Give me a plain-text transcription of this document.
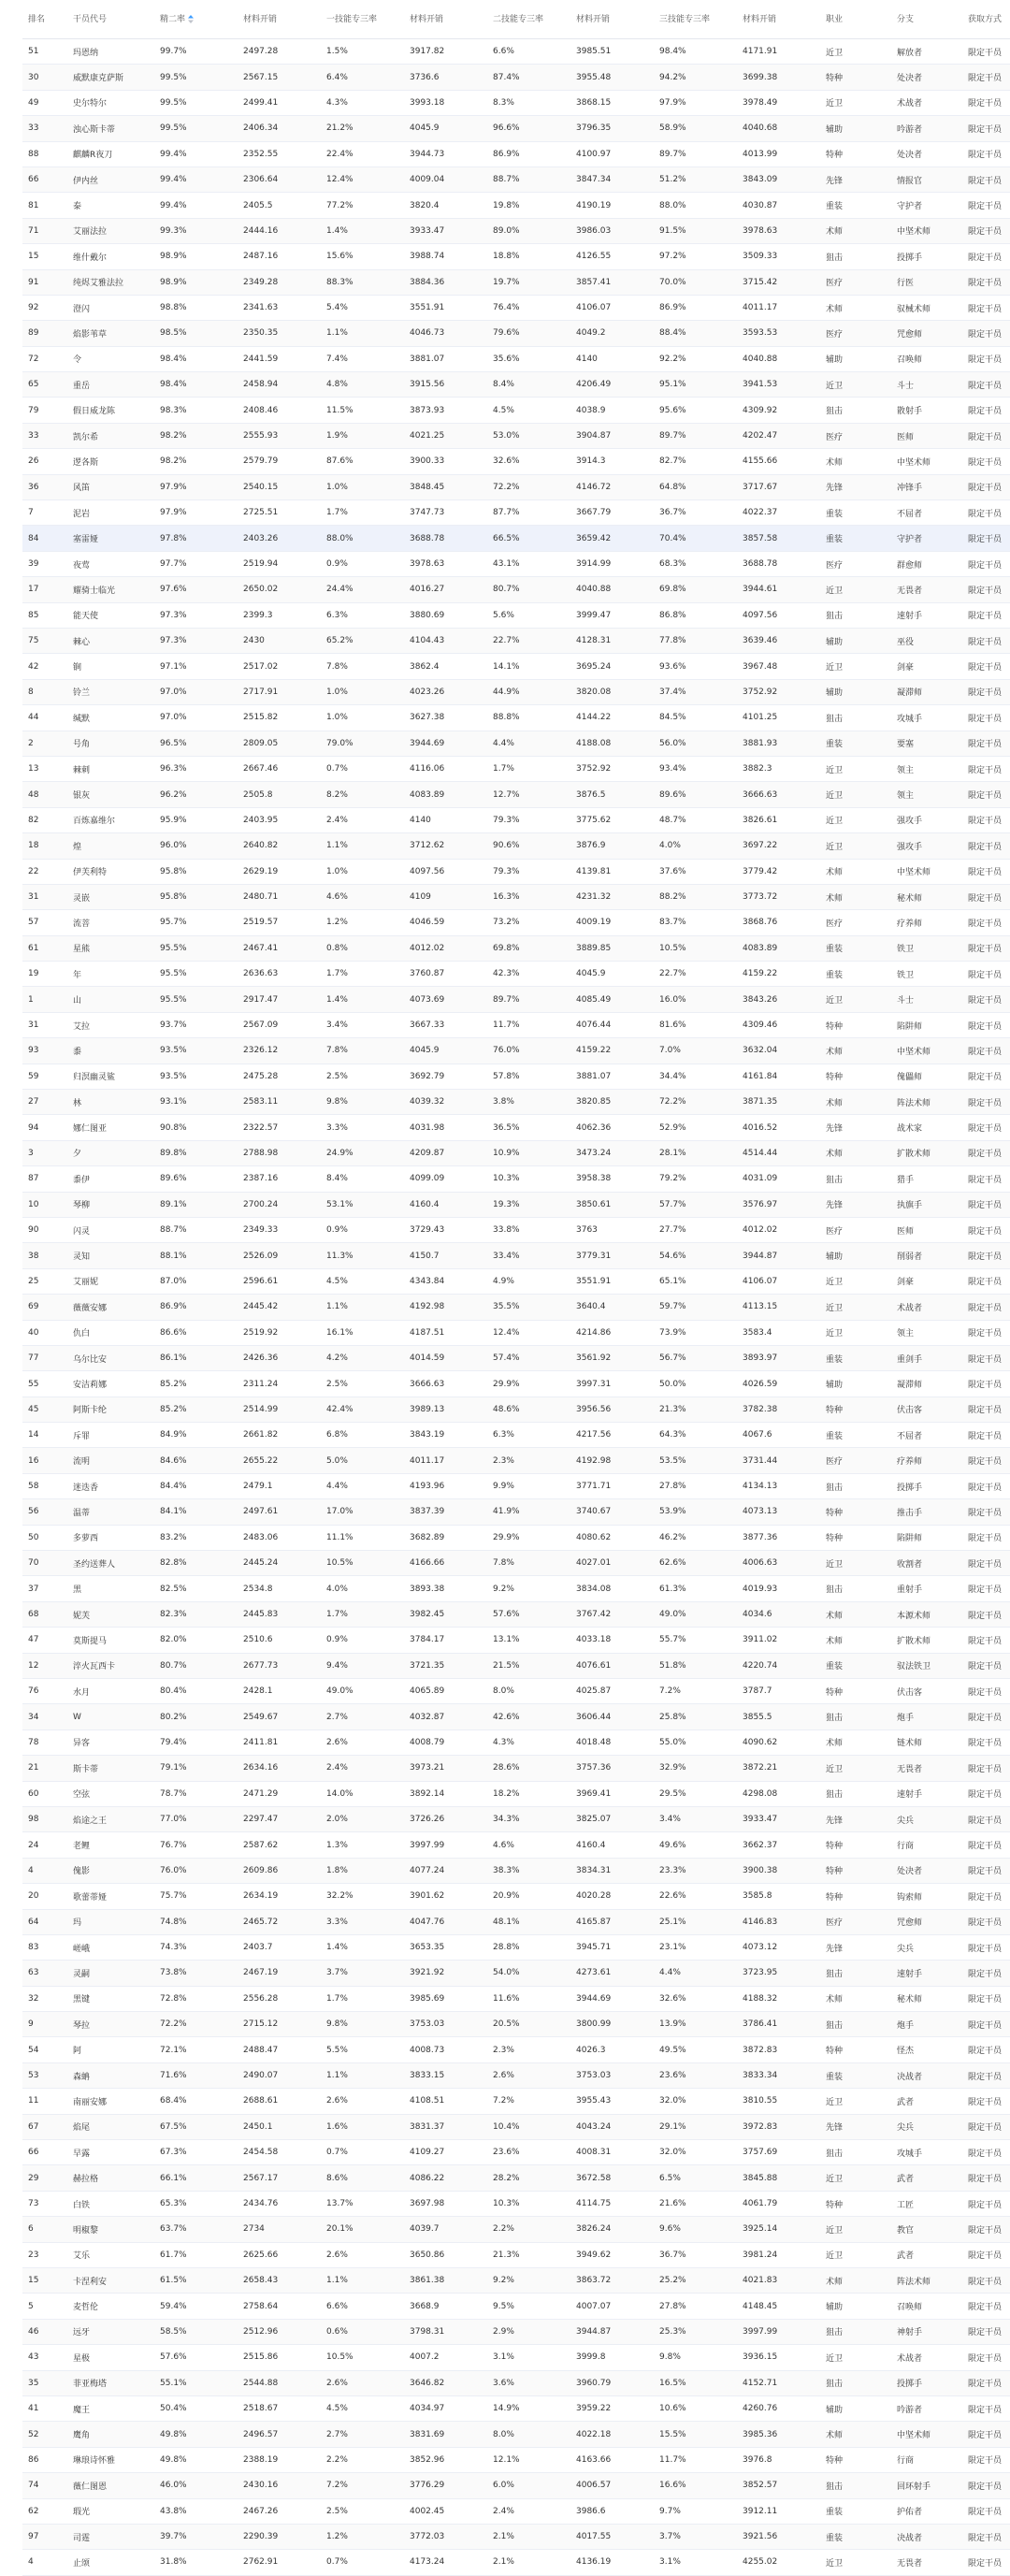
排名	干员代号	精二率	材料开销	一技能专三率	材料开销	二技能专三率	材料开销	三技能专三率	材料开销	职业	分支	获取方式
51	玛恩纳	99.7%	2497.28	1.5%	3917.82	6.6%	3985.51	98.4%	4171.91	近卫	解放者	限定干员
30	威默康克萨斯	99.5%	2567.15	6.4%	3736.6	87.4%	3955.48	94.2%	3699.38	特种	处决者	限定干员
49	史尔特尔	99.5%	2499.41	4.3%	3993.18	8.3%	3868.15	97.9%	3978.49	近卫	术战者	限定干员
33	浊心斯卡蒂	99.5%	2406.34	21.2%	4045.9	96.6%	3796.35	58.9%	4040.68	辅助	吟游者	限定干员
88	麒麟R夜刀	99.4%	2352.55	22.4%	3944.73	86.9%	4100.97	89.7%	4013.99	特种	处决者	限定干员
66	伊内丝	99.4%	2306.64	12.4%	4009.04	88.7%	3847.34	51.2%	3843.09	先锋	情报官	限定干员
81	泰	99.4%	2405.5	77.2%	3820.4	19.8%	4190.19	88.0%	4030.87	重装	守护者	限定干员
71	艾丽法拉	99.3%	2444.16	1.4%	3933.47	89.0%	3986.03	91.5%	3978.63	术师	中坚术师	限定干员
15	维什戴尔	98.9%	2487.16	15.6%	3988.74	18.8%	4126.55	97.2%	3509.33	狙击	投掷手	限定干员
91	纯烬艾雅法拉	98.9%	2349.28	88.3%	3884.36	19.7%	3857.41	70.0%	3715.42	医疗	行医	限定干员
92	澄闪	98.8%	2341.63	5.4%	3551.91	76.4%	4106.07	86.9%	4011.17	术师	驭械术师	限定干员
89	焰影苇草	98.5%	2350.35	1.1%	4046.73	79.6%	4049.2	88.4%	3593.53	医疗	咒愈师	限定干员
72	令	98.4%	2441.59	7.4%	3881.07	35.6%	4140	92.2%	4040.88	辅助	召唤师	限定干员
65	重岳	98.4%	2458.94	4.8%	3915.56	8.4%	4206.49	95.1%	3941.53	近卫	斗士	限定干员
79	假日威龙陈	98.3%	2408.46	11.5%	3873.93	4.5%	4038.9	95.6%	4309.92	狙击	散射手	限定干员
33	凯尔希	98.2%	2555.93	1.9%	4021.25	53.0%	3904.87	89.7%	4202.47	医疗	医师	限定干员
26	逻各斯	98.2%	2579.79	87.6%	3900.33	32.6%	3914.3	82.7%	4155.66	术师	中坚术师	限定干员
36	风笛	97.9%	2540.15	1.0%	3848.45	72.2%	4146.72	64.8%	3717.67	先锋	冲锋手	限定干员
7	泥岩	97.9%	2725.51	1.7%	3747.73	87.7%	3667.79	36.7%	4022.37	重装	不屈者	限定干员
84	塞雷娅	97.8%	2403.26	88.0%	3688.78	66.5%	3659.42	70.4%	3857.58	重装	守护者	限定干员
39	夜莺	97.7%	2519.94	0.9%	3978.63	43.1%	3914.99	68.3%	3688.78	医疗	群愈师	限定干员
17	耀骑士临光	97.6%	2650.02	24.4%	4016.27	80.7%	4040.88	69.8%	3944.61	近卫	无畏者	限定干员
85	能天使	97.3%	2399.3	6.3%	3880.69	5.6%	3999.47	86.8%	4097.56	狙击	速射手	限定干员
75	棘心	97.3%	2430	65.2%	4104.43	22.7%	4128.31	77.8%	3639.46	辅助	巫役	限定干员
42	锏	97.1%	2517.02	7.8%	3862.4	14.1%	3695.24	93.6%	3967.48	近卫	剑豪	限定干员
8	铃兰	97.0%	2717.91	1.0%	4023.26	44.9%	3820.08	37.4%	3752.92	辅助	凝滞师	限定干员
44	缄默	97.0%	2515.82	1.0%	3627.38	88.8%	4144.22	84.5%	4101.25	狙击	攻城手	限定干员
2	号角	96.5%	2809.05	79.0%	3944.69	4.4%	4188.08	56.0%	3881.93	重装	要塞	限定干员
13	棘刺	96.3%	2667.46	0.7%	4116.06	1.7%	3752.92	93.4%	3882.3	近卫	领主	限定干员
48	银灰	96.2%	2505.8	8.2%	4083.89	12.7%	3876.5	89.6%	3666.63	近卫	领主	限定干员
82	百炼嘉维尔	95.9%	2403.95	2.4%	4140	79.3%	3775.62	48.7%	3826.61	近卫	强攻手	限定干员
18	煌	96.0%	2640.82	1.1%	3712.62	90.6%	3876.9	4.0%	3697.22	近卫	强攻手	限定干员
22	伊芙利特	95.8%	2629.19	1.0%	4097.56	79.3%	4139.81	37.6%	3779.42	术师	中坚术师	限定干员
31	灵嵌	95.8%	2480.71	4.6%	4109	16.3%	4231.32	88.2%	3773.72	术师	秘术师	限定干员
57	流菩	95.7%	2519.57	1.2%	4046.59	73.2%	4009.19	83.7%	3868.76	医疗	疗养师	限定干员
61	星熊	95.5%	2467.41	0.8%	4012.02	69.8%	3889.85	10.5%	4083.89	重装	铁卫	限定干员
19	年	95.5%	2636.63	1.7%	3760.87	42.3%	4045.9	22.7%	4159.22	重装	铁卫	限定干员
1	山	95.5%	2917.47	1.4%	4073.69	89.7%	4085.49	16.0%	3843.26	近卫	斗士	限定干员
31	艾拉	93.7%	2567.09	3.4%	3667.33	11.7%	4076.44	81.6%	4309.46	特种	陷阱师	限定干员
93	黍	93.5%	2326.12	7.8%	4045.9	76.0%	4159.22	7.0%	3632.04	术师	中坚术师	限定干员
59	归溟幽灵鲨	93.5%	2475.28	2.5%	3692.79	57.8%	3881.07	34.4%	4161.84	特种	傀儡师	限定干员
27	林	93.1%	2583.11	9.8%	4039.32	3.8%	3820.85	72.2%	3871.35	术师	阵法术师	限定干员
94	娜仁图亚	90.8%	2322.57	3.3%	4031.98	36.5%	4062.36	52.9%	4016.52	先锋	战术家	限定干员
3	夕	89.8%	2788.98	24.9%	4209.87	10.9%	3473.24	28.1%	4514.44	术师	扩散术师	限定干员
87	黍伊	89.6%	2387.16	8.4%	4099.09	10.3%	3958.38	79.2%	4031.09	狙击	猎手	限定干员
10	琴柳	89.1%	2700.24	53.1%	4160.4	19.3%	3850.61	57.7%	3576.97	先锋	执旗手	限定干员
90	闪灵	88.7%	2349.33	0.9%	3729.43	33.8%	3763	27.7%	4012.02	医疗	医师	限定干员
38	灵知	88.1%	2526.09	11.3%	4150.7	33.4%	3779.31	54.6%	3944.87	辅助	削弱者	限定干员
25	艾丽妮	87.0%	2596.61	4.5%	4343.84	4.9%	3551.91	65.1%	4106.07	近卫	剑豪	限定干员
69	薇薇安娜	86.9%	2445.42	1.1%	4192.98	35.5%	3640.4	59.7%	4113.15	近卫	术战者	限定干员
40	仇白	86.6%	2519.92	16.1%	4187.51	12.4%	4214.86	73.9%	3583.4	近卫	领主	限定干员
77	乌尔比安	86.1%	2426.36	4.2%	4014.59	57.4%	3561.92	56.7%	3893.97	重装	重剑手	限定干员
55	安洁莉娜	85.2%	2311.24	2.5%	3666.63	29.9%	3997.31	50.0%	4026.59	辅助	凝滞师	限定干员
45	阿斯卡纶	85.2%	2514.99	42.4%	3989.13	48.6%	3956.56	21.3%	3782.38	特种	伏击客	限定干员
14	斥罪	84.9%	2661.82	6.8%	3843.19	6.3%	4217.56	64.3%	4067.6	重装	不屈者	限定干员
16	流明	84.6%	2655.22	5.0%	4011.17	2.3%	4192.98	53.5%	3731.44	医疗	疗养师	限定干员
58	迷迭香	84.4%	2479.1	4.4%	4193.96	9.9%	3771.71	27.8%	4134.13	狙击	投掷手	限定干员
56	温蒂	84.1%	2497.61	17.0%	3837.39	41.9%	3740.67	53.9%	4073.13	特种	推击手	限定干员
50	多萝西	83.2%	2483.06	11.1%	3682.89	29.9%	4080.62	46.2%	3877.36	特种	陷阱师	限定干员
70	圣约送葬人	82.8%	2445.24	10.5%	4166.66	7.8%	4027.01	62.6%	4006.63	近卫	收割者	限定干员
37	黑	82.5%	2534.8	4.0%	3893.38	9.2%	3834.08	61.3%	4019.93	狙击	重射手	限定干员
68	妮芙	82.3%	2445.83	1.7%	3982.45	57.6%	3767.42	49.0%	4034.6	术师	本源术师	限定干员
47	莫斯提马	82.0%	2510.6	0.9%	3784.17	13.1%	4033.18	55.7%	3911.02	术师	扩散术师	限定干员
12	淬火瓦西卡	80.7%	2677.73	9.4%	3721.35	21.5%	4076.61	51.8%	4220.74	重装	驭法铁卫	限定干员
76	水月	80.4%	2428.1	49.0%	4065.89	8.0%	4025.87	7.2%	3787.7	特种	伏击客	限定干员
34	W	80.2%	2549.67	2.7%	4032.87	42.6%	3606.44	25.8%	3855.5	狙击	炮手	限定干员
78	异客	79.4%	2411.81	2.6%	4008.79	4.3%	4018.48	55.0%	4090.62	术师	链术师	限定干员
21	斯卡蒂	79.1%	2634.16	2.4%	3973.21	28.6%	3757.36	32.9%	3872.21	近卫	无畏者	限定干员
60	空弦	78.7%	2471.29	14.0%	3892.14	18.2%	3969.41	29.5%	4298.08	狙击	速射手	限定干员
98	焰途之王	77.0%	2297.47	2.0%	3726.26	34.3%	3825.07	3.4%	3933.47	先锋	尖兵	限定干员
24	老鲤	76.7%	2587.62	1.3%	3997.99	4.6%	4160.4	49.6%	3662.37	特种	行商	限定干员
4	傀影	76.0%	2609.86	1.8%	4077.24	38.3%	3834.31	23.3%	3900.38	特种	处决者	限定干员
20	歌蕾蒂娅	75.7%	2634.19	32.2%	3901.62	20.9%	4020.28	22.6%	3585.8	特种	钩索师	限定干员
64	玛	74.8%	2465.72	3.3%	4047.76	48.1%	4165.87	25.1%	4146.83	医疗	咒愈师	限定干员
83	嵯峨	74.3%	2403.7	1.4%	3653.35	28.8%	3945.71	23.1%	4073.12	先锋	尖兵	限定干员
63	灵嗣	73.8%	2467.19	3.7%	3921.92	54.0%	4273.61	4.4%	3723.95	狙击	速射手	限定干员
32	黑键	72.8%	2556.28	1.7%	3985.69	11.6%	3944.69	32.6%	4188.32	术师	秘术师	限定干员
9	琴拉	72.2%	2715.12	9.8%	3753.03	20.5%	3800.99	13.9%	3786.41	狙击	炮手	限定干员
54	阿	72.1%	2488.47	5.5%	4008.73	2.3%	4026.3	49.5%	3872.83	特种	怪杰	限定干员
53	森蚺	71.6%	2490.07	1.1%	3833.15	2.6%	3753.03	23.6%	3833.34	重装	决战者	限定干员
11	南丽安娜	68.4%	2688.61	2.6%	4108.51	7.2%	3955.43	32.0%	3810.55	近卫	武者	限定干员
67	焰尾	67.5%	2450.1	1.6%	3831.37	10.4%	4043.24	29.1%	3972.83	先锋	尖兵	限定干员
66	早露	67.3%	2454.58	0.7%	4109.27	23.6%	4008.31	32.0%	3757.69	狙击	攻城手	限定干员
29	赫拉格	66.1%	2567.17	8.6%	4086.22	28.2%	3672.58	6.5%	3845.88	近卫	武者	限定干员
73	白铁	65.3%	2434.76	13.7%	3697.98	10.3%	4114.75	21.6%	4061.79	特种	工匠	限定干员
6	明椒黎	63.7%	2734	20.1%	4039.7	2.2%	3826.24	9.6%	3925.14	近卫	教官	限定干员
23	艾乐	61.7%	2625.66	2.6%	3650.86	21.3%	3949.62	36.7%	3981.24	近卫	武者	限定干员
15	卡涅利安	61.5%	2658.43	1.1%	3861.38	9.2%	3863.72	25.2%	4021.83	术师	阵法术师	限定干员
5	麦哲伦	59.4%	2758.64	6.6%	3668.9	9.5%	4007.07	27.8%	4148.45	辅助	召唤师	限定干员
46	远牙	58.5%	2512.96	0.6%	3798.31	2.9%	3944.87	25.3%	3997.99	狙击	神射手	限定干员
43	星极	57.6%	2515.86	10.5%	4007.2	3.1%	3999.8	9.8%	3936.15	近卫	术战者	限定干员
35	菲亚梅塔	55.1%	2544.88	2.6%	3646.82	3.6%	3960.79	16.5%	4152.71	狙击	投掷手	限定干员
41	魔王	50.4%	2518.67	4.5%	4034.97	14.9%	3959.22	10.6%	4260.76	辅助	吟游者	限定干员
52	鹰角	49.8%	2496.57	2.7%	3831.69	8.0%	4022.18	15.5%	3985.36	术师	中坚术师	限定干员
86	琳琅诗怀雅	49.8%	2388.19	2.2%	3852.96	12.1%	4163.66	11.7%	3976.8	特种	行商	限定干员
74	薇仁图恩	46.0%	2430.16	7.2%	3776.29	6.0%	4006.57	16.6%	3852.57	狙击	回环射手	限定干员
62	瑕光	43.8%	2467.26	2.5%	4002.45	2.4%	3986.6	9.7%	3912.11	重装	护佑者	限定干员
97	司霆	39.7%	2290.39	1.2%	3772.03	2.1%	4017.55	3.7%	3921.56	重装	决战者	限定干员
4	止颂	31.8%	2762.91	0.7%	4173.24	2.1%	4136.19	3.1%	4255.02	近卫	无畏者	限定干员
